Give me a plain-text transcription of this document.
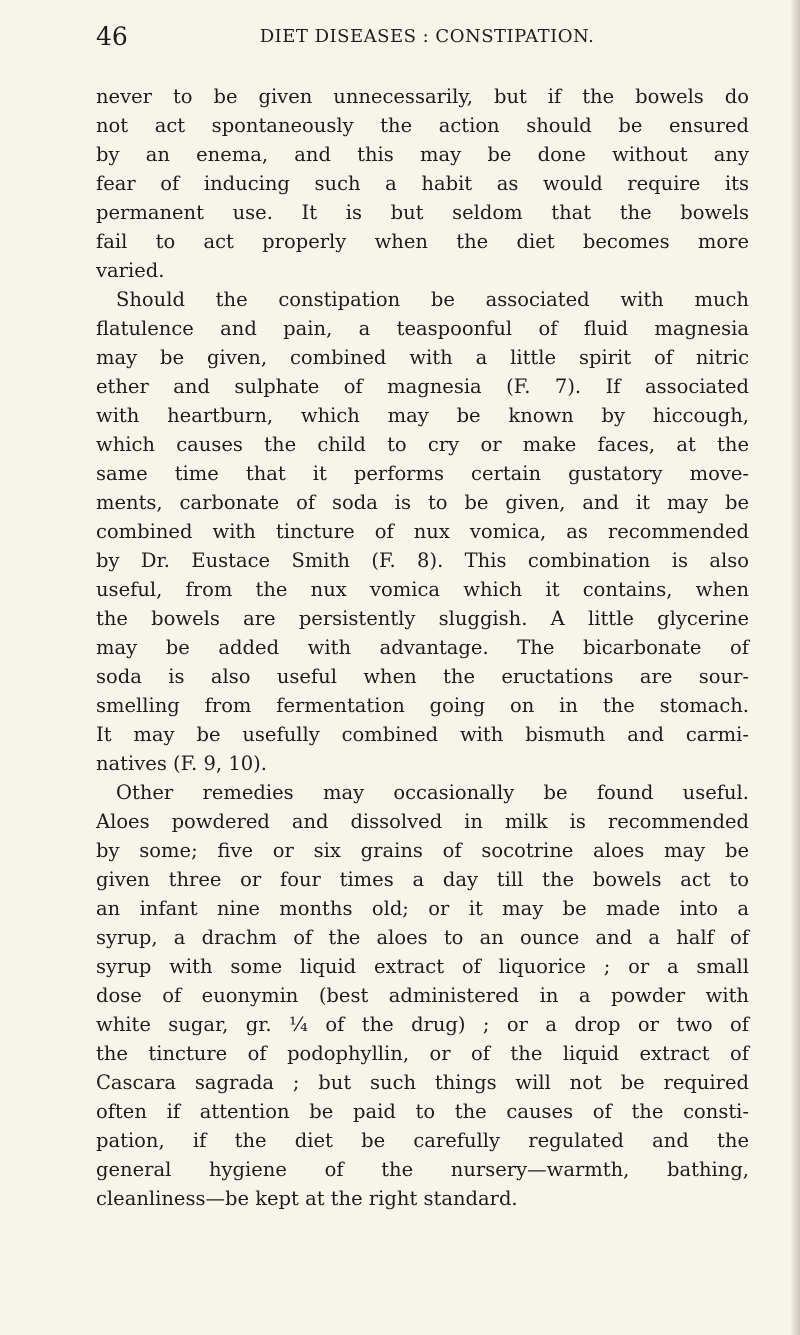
46	DIET DISEASES : CONSTIPATION.
never to be given unnecessarily, but if the bowels do
not act spontaneously the action should be ensured
by an enema, and this may be done without any
fear of inducing such a habit as would require its
permanent use. It is but seldom that the bowels
fail to act properly when the diet becomes more
varied.
Should the constipation be associated with much
flatulence and pain, a teaspoonful of fluid magnesia
may be given, combined with a little spirit of nitric
ether and sulphate of magnesia (F. 7). If associated
with heartburn, which may be known by hiccough,
which causes the child to cry or make faces, at the
same time that it performs certain gustatory move-
ments, carbonate of soda is to be given, and it may be
combined with tincture of nux vomica, as recommended
by Dr. Eustace Smith (F. 8). This combination is also
useful, from the nux vomica which it contains, when
the bowels are persistently sluggish. A little glycerine
may be added with advantage. The bicarbonate of
soda is also useful when the eructations are sour-
smelling from fermentation going on in the stomach.
It may be usefully combined with bismuth and carmi-
natives (F. 9, 10).
Other remedies may occasionally be found useful.
Aloes powdered and dissolved in milk is recommended
by some; five or six grains of socotrine aloes may be
given three or four times a day till the bowels act to
an infant nine months old; or it may be made into a
syrup, a drachm of the aloes to an ounce and a half of
syrup with some liquid extract of liquorice ; or a small
dose of euonymin (best administered in a powder with
white sugar, gr. ¼ of the drug) ; or a drop or two of
the tincture of podophyllin, or of the liquid extract of
Cascara sagrada ; but such things will not be required
often if attention be paid to the causes of the consti-
pation, if the diet be carefully regulated and the
general hygiene of the nursery—warmth, bathing,
cleanliness—be kept at the right standard.
